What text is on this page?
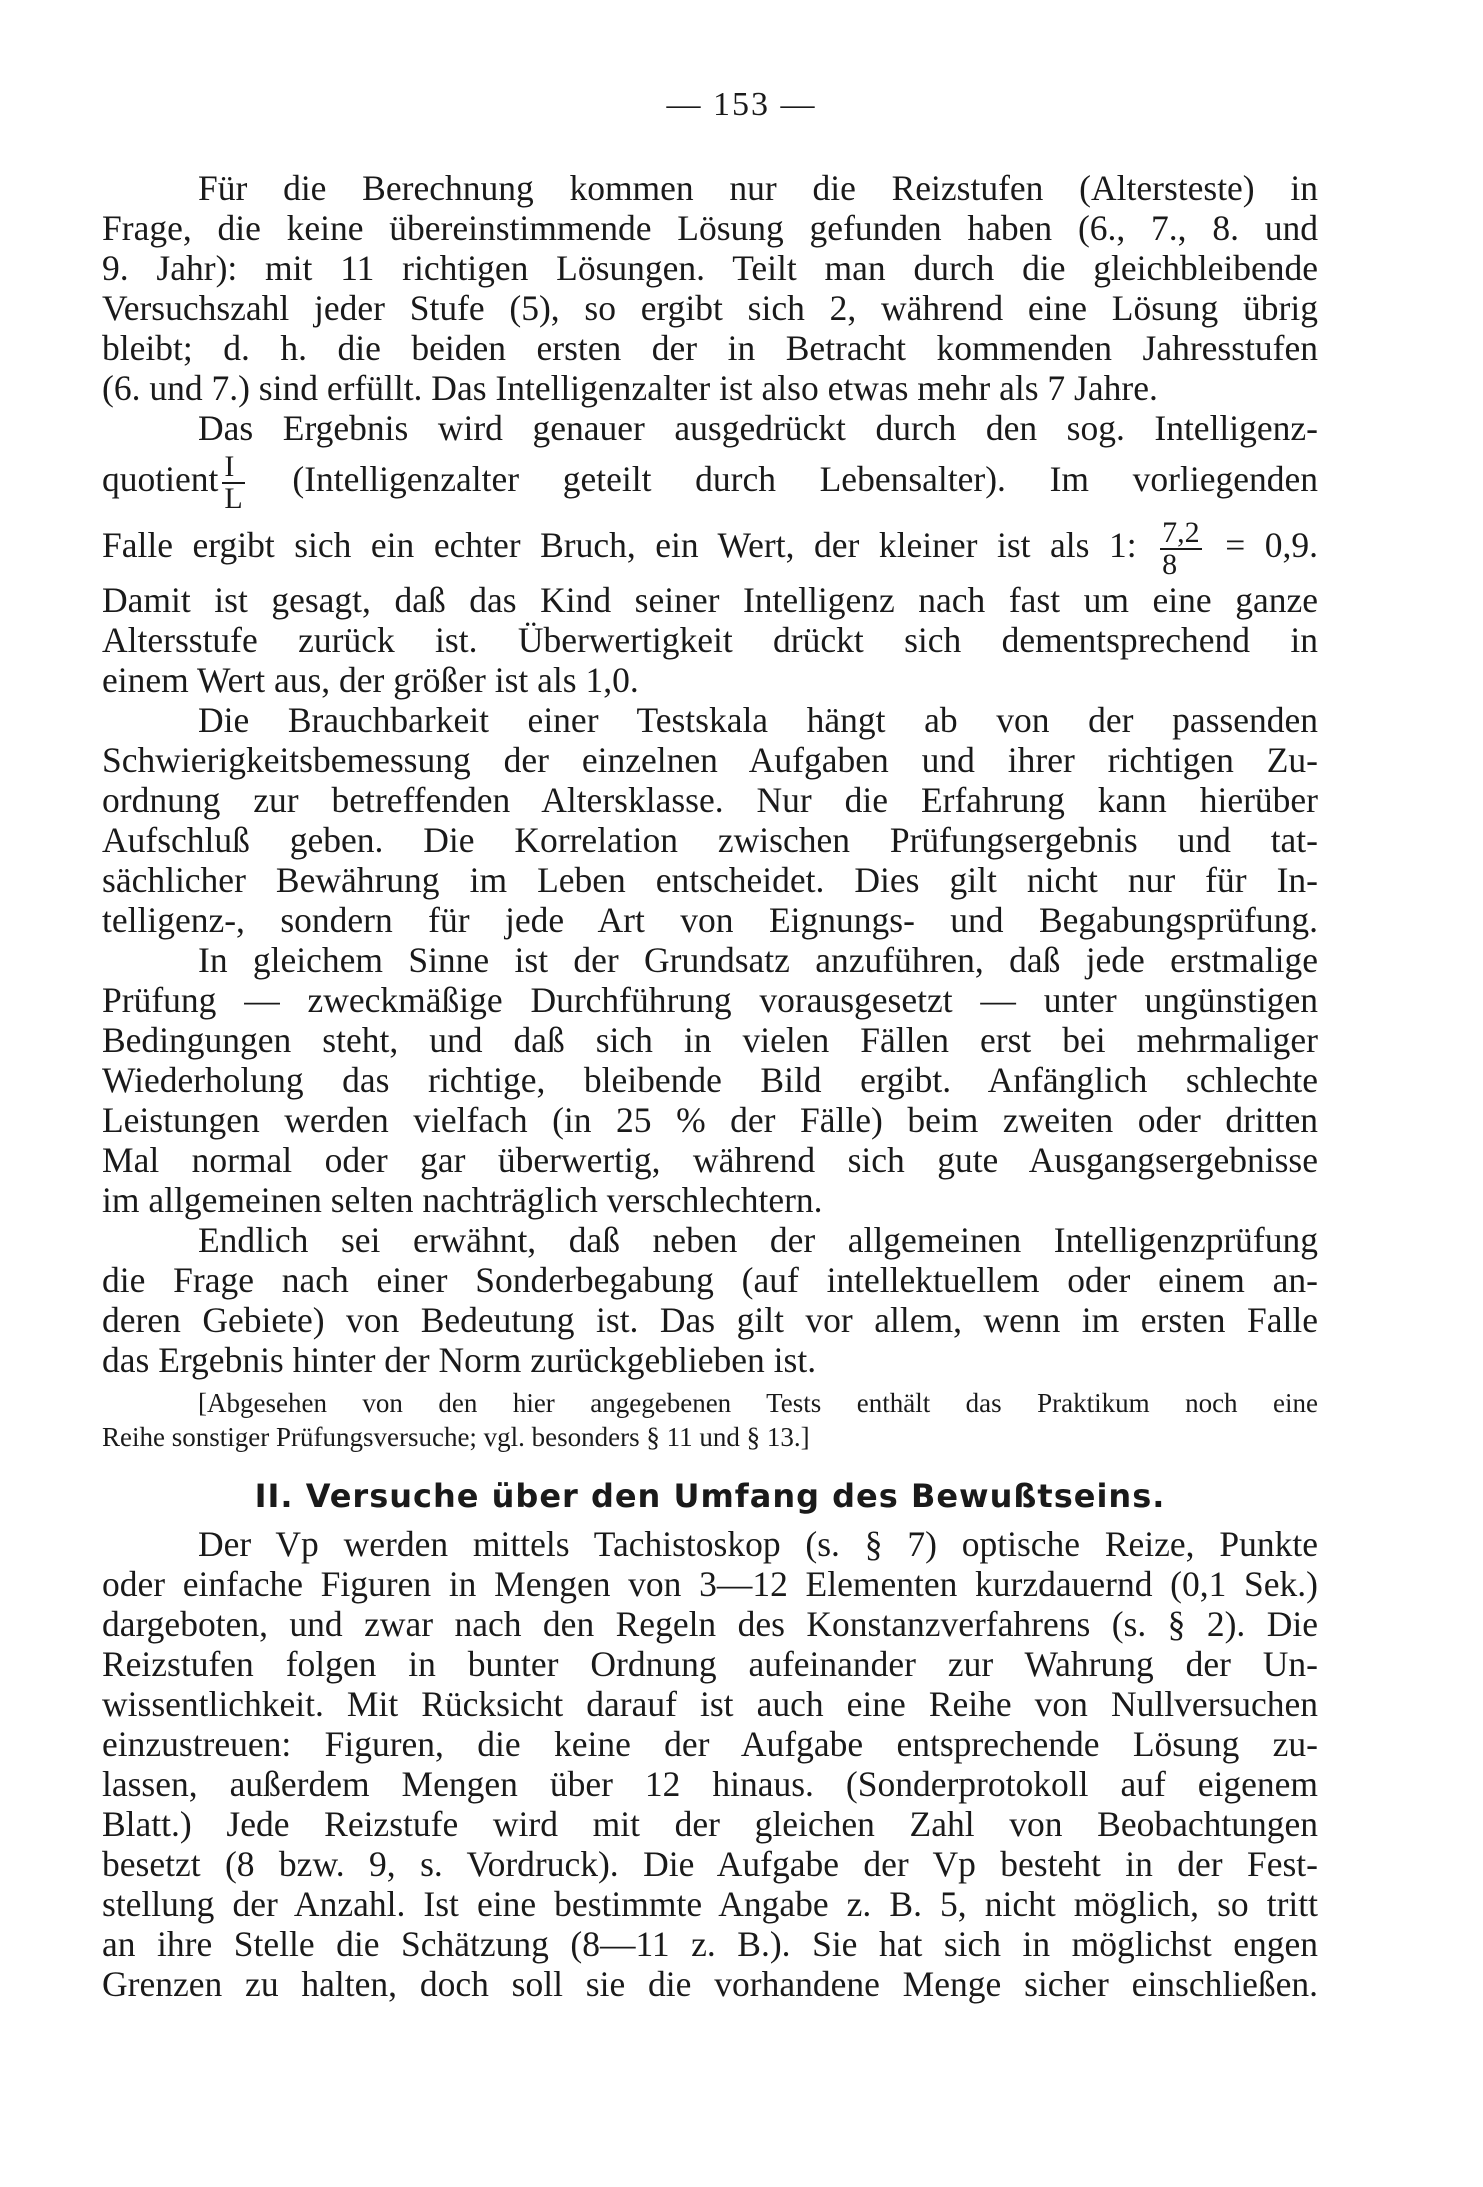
— 153 —

Für die Berechnung kommen nur die Reizstufen (Altersteste) in
Frage, die keine übereinstimmende Lösung gefunden haben (6., 7., 8. und
9. Jahr): mit 11 richtigen Lösungen. Teilt man durch die gleichbleibende
Versuchszahl jeder Stufe (5), so ergibt sich 2, während eine Lösung übrig
bleibt; d. h. die beiden ersten der in Betracht kommenden Jahresstufen
(6. und 7.) sind erfüllt. Das Intelligenzalter ist also etwas mehr als 7 Jahre.

Das Ergebnis wird genauer ausgedrückt durch den sog. Intelligenz-
quotient $\frac{I}{L}$ (Intelligenzalter geteilt durch Lebensalter). Im vorliegenden
Falle ergibt sich ein echter Bruch, ein Wert, der kleiner ist als 1: $\frac{7,2}{8} = 0,9$.
Damit ist gesagt, daß das Kind seiner Intelligenz nach fast um eine ganze
Altersstufe zurück ist. Überwertigkeit drückt sich dementsprechend in
einem Wert aus, der größer ist als 1,0.

Die Brauchbarkeit einer Testskala hängt ab von der passenden
Schwierigkeitsbemessung der einzelnen Aufgaben und ihrer richtigen Zu-
ordnung zur betreffenden Altersklasse. Nur die Erfahrung kann hierüber
Aufschluß geben. Die Korrelation zwischen Prüfungsergebnis und tat-
sächlicher Bewährung im Leben entscheidet. Dies gilt nicht nur für In-
telligenz-, sondern für jede Art von Eignungs- und Begabungsprüfung.

In gleichem Sinne ist der Grundsatz anzuführen, daß jede erstmalige
Prüfung — zweckmäßige Durchführung vorausgesetzt — unter ungünstigen
Bedingungen steht, und daß sich in vielen Fällen erst bei mehrmaliger
Wiederholung das richtige, bleibende Bild ergibt. Anfänglich schlechte
Leistungen werden vielfach (in 25 % der Fälle) beim zweiten oder dritten
Mal normal oder gar überwertig, während sich gute Ausgangsergebnisse
im allgemeinen selten nachträglich verschlechtern.

Endlich sei erwähnt, daß neben der allgemeinen Intelligenzprüfung
die Frage nach einer Sonderbegabung (auf intellektuellem oder einem an-
deren Gebiete) von Bedeutung ist. Das gilt vor allem, wenn im ersten Falle
das Ergebnis hinter der Norm zurückgeblieben ist.

[Abgesehen von den hier angegebenen Tests enthält das Praktikum noch eine
Reihe sonstiger Prüfungsversuche; vgl. besonders § 11 und § 13.]
II. Versuche über den Umfang des Bewußtseins.

Der Vp werden mittels Tachistoskop (s. § 7) optische Reize, Punkte
oder einfache Figuren in Mengen von 3—12 Elementen kurzdauernd (0,1 Sek.)
dargeboten, und zwar nach den Regeln des Konstanzverfahrens (s. § 2). Die
Reizstufen folgen in bunter Ordnung aufeinander zur Wahrung der Un-
wissentlichkeit. Mit Rücksicht darauf ist auch eine Reihe von Nullversuchen
einzustreuen: Figuren, die keine der Aufgabe entsprechende Lösung zu-
lassen, außerdem Mengen über 12 hinaus. (Sonderprotokoll auf eigenem
Blatt.) Jede Reizstufe wird mit der gleichen Zahl von Beobachtungen
besetzt (8 bzw. 9, s. Vordruck). Die Aufgabe der Vp besteht in der Fest-
stellung der Anzahl. Ist eine bestimmte Angabe z. B. 5, nicht möglich, so tritt
an ihre Stelle die Schätzung (8—11 z. B.). Sie hat sich in möglichst engen
Grenzen zu halten, doch soll sie die vorhandene Menge sicher einschließen.
